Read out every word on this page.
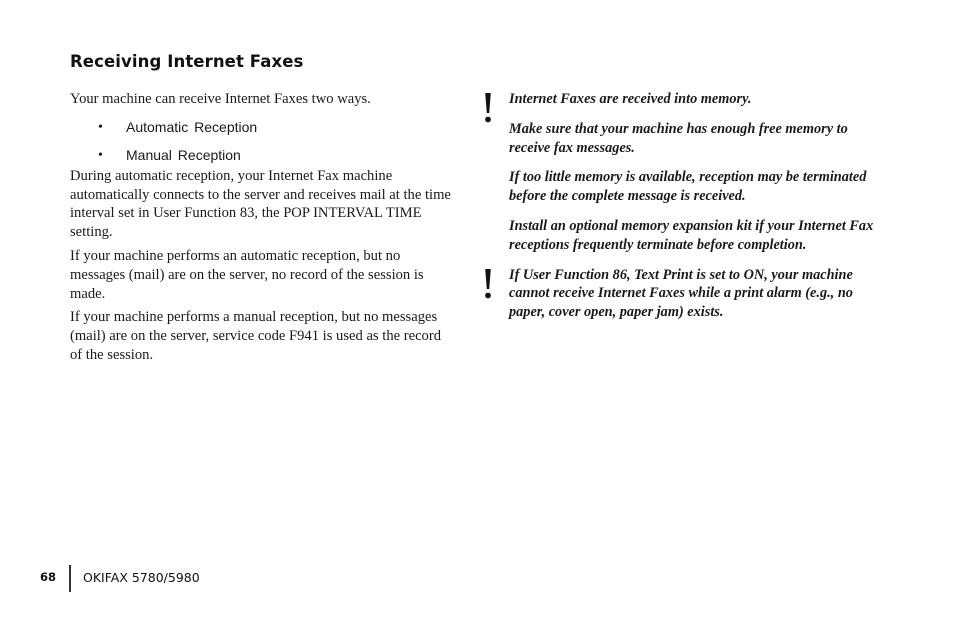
Receiving Internet Faxes

Your machine can receive Internet Faxes two ways.

• Automatic Reception
• Manual Reception

During automatic reception, your Internet Fax machine automatically connects to the server and receives mail at the time interval set in User Function 83, the POP INTERVAL TIME setting.

If your machine performs an automatic reception, but no messages (mail) are on the server, no record of the session is made.

If your machine performs a manual reception, but no messages (mail) are on the server, service code F941 is used as the record of the session.

Internet Faxes are received into memory.

Make sure that your machine has enough free memory to receive fax messages.

If too little memory is available, reception may be terminated before the complete message is received.

Install an optional memory expansion kit if your Internet Fax receptions frequently terminate before completion.

If User Function 86, Text Print is set to ON, your machine cannot receive Internet Faxes while a print alarm (e.g., no paper, cover open, paper jam) exists.

68 OKIFAX 5780/5980
